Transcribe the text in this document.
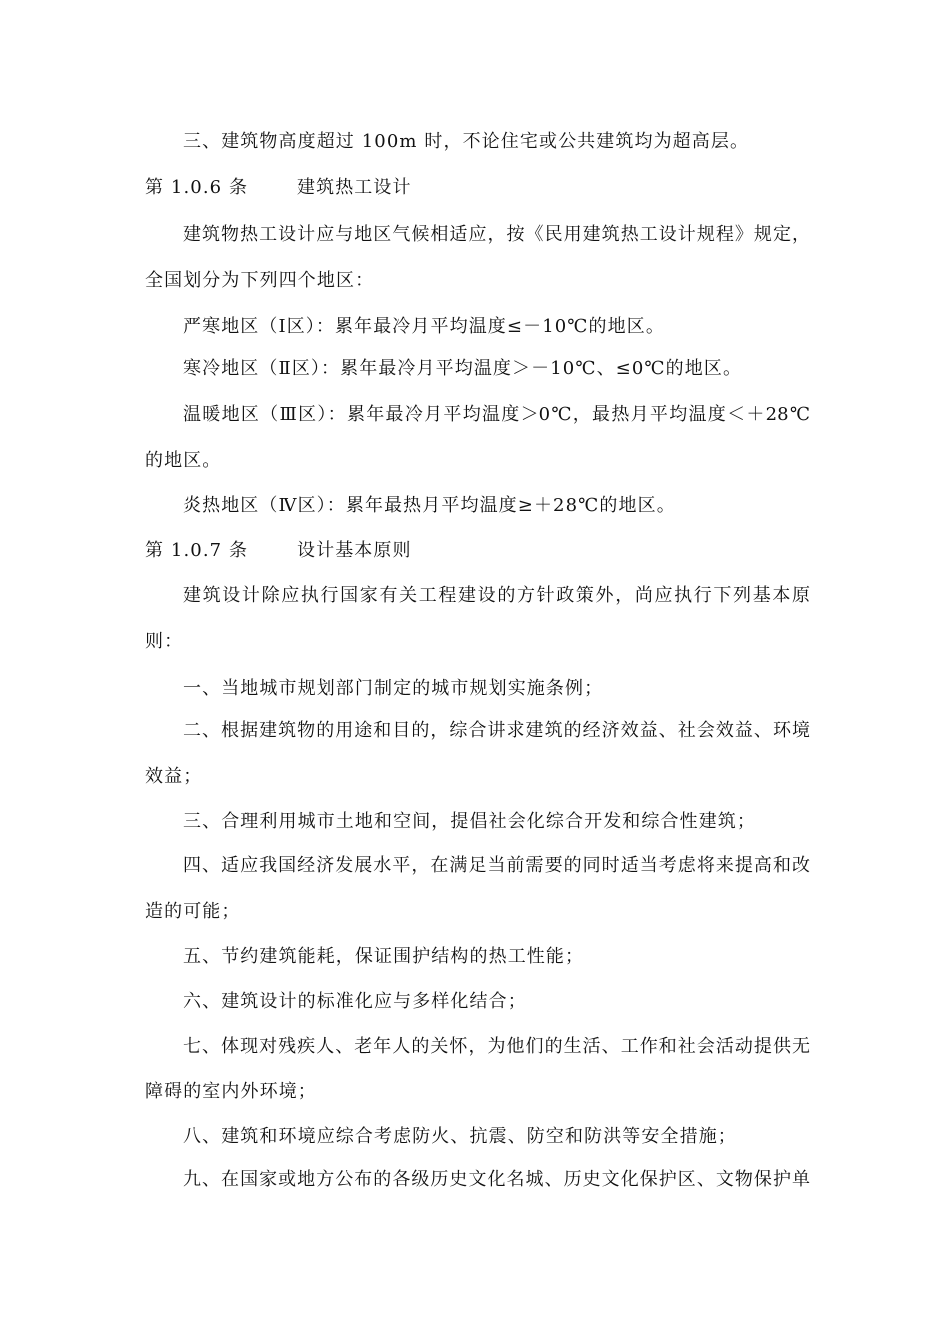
三、建筑物高度超过 100m 时，不论住宅或公共建筑均为超高层。
第 1.0.6 条	建筑热工设计
建筑物热工设计应与地区气候相适应，按《民用建筑热工设计规程》规定，
全国划分为下列四个地区：
严寒地区（Ⅰ区）：累年最冷月平均温度≤－10℃的地区。
寒冷地区（Ⅱ区）：累年最冷月平均温度＞－10℃、≤0℃的地区。
温暖地区（Ⅲ区）：累年最冷月平均温度＞0℃，最热月平均温度＜＋28℃
的地区。
炎热地区（Ⅳ区）：累年最热月平均温度≥＋28℃的地区。
第 1.0.7 条	设计基本原则
建筑设计除应执行国家有关工程建设的方针政策外，尚应执行下列基本原
则：
一、当地城市规划部门制定的城市规划实施条例；
二、根据建筑物的用途和目的，综合讲求建筑的经济效益、社会效益、环境
效益；
三、合理利用城市土地和空间，提倡社会化综合开发和综合性建筑；
四、适应我国经济发展水平，在满足当前需要的同时适当考虑将来提高和改
造的可能；
五、节约建筑能耗，保证围护结构的热工性能；
六、建筑设计的标准化应与多样化结合；
七、体现对残疾人、老年人的关怀，为他们的生活、工作和社会活动提供无
障碍的室内外环境；
八、建筑和环境应综合考虑防火、抗震、防空和防洪等安全措施；
九、在国家或地方公布的各级历史文化名城、历史文化保护区、文物保护单
